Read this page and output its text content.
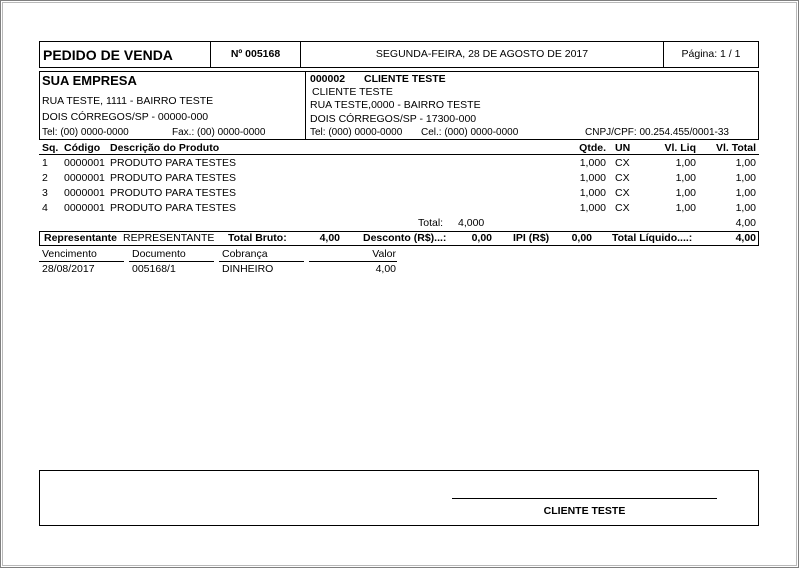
PEDIDO DE VENDA	Nº 005168	SEGUNDA-FEIRA, 28 DE AGOSTO DE 2017	Página: 1 / 1
SUA EMPRESA
RUA TESTE, 1111 - BAIRRO TESTE
DOIS CÓRREGOS/SP - 00000-000
Tel: (00) 0000-0000	Fax.: (00) 0000-0000
000002 CLIENTE TESTE
CLIENTE TESTE
RUA TESTE,0000 - BAIRRO TESTE
DOIS CÓRREGOS/SP - 17300-000
Tel: (000) 0000-0000 Cel.: (000) 0000-0000	CNPJ/CPF: 00.254.455/0001-33
Sq. Código Descrição do Produto	Qtde. UN	Vl. Liq	Vl. Total
1 0000001 PRODUTO PARA TESTES	1,000 CX	1,00	1,00
2 0000001 PRODUTO PARA TESTES	1,000 CX	1,00	1,00
3 0000001 PRODUTO PARA TESTES	1,000 CX	1,00	1,00
4 0000001 PRODUTO PARA TESTES	1,000 CX	1,00	1,00
Total: 4,000	4,00
Representante REPRESENTANTE Total Bruto:	4,00 Desconto (R$)...:	0,00 IPI (R$)	0,00 Total Líquido....:	4,00
Vencimento	Documento	Cobrança	Valor
28/08/2017	005168/1	DINHEIRO	4,00
CLIENTE TESTE
